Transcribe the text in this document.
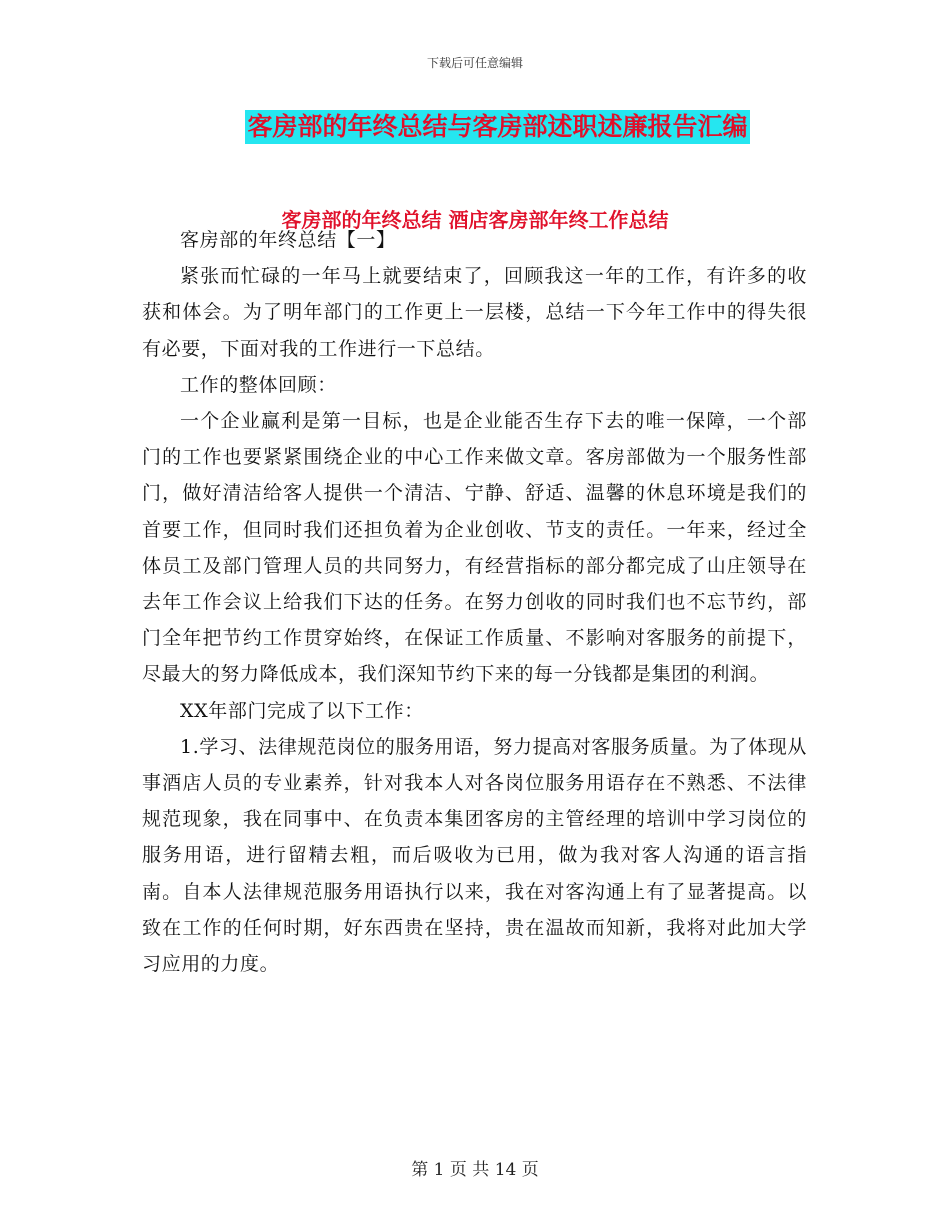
下载后可任意编辑
客房部的年终总结与客房部述职述廉报告汇编
客房部的年终总结 酒店客房部年终工作总结

客房部的年终总结【一】

紧张而忙碌的一年马上就要结束了，回顾我这一年的工作，有许多的收获和体会。为了明年部门的工作更上一层楼，总结一下今年工作中的得失很有必要，下面对我的工作进行一下总结。

工作的整体回顾：

一个企业赢利是第一目标，也是企业能否生存下去的唯一保障，一个部门的工作也要紧紧围绕企业的中心工作来做文章。客房部做为一个服务性部门，做好清洁给客人提供一个清洁、宁静、舒适、温馨的休息环境是我们的首要工作，但同时我们还担负着为企业创收、节支的责任。一年来，经过全体员工及部门管理人员的共同努力，有经营指标的部分都完成了山庄领导在去年工作会议上给我们下达的任务。在努力创收的同时我们也不忘节约，部门全年把节约工作贯穿始终，在保证工作质量、不影响对客服务的前提下，尽最大的努力降低成本，我们深知节约下来的每一分钱都是集团的利润。

XX年部门完成了以下工作：

1.学习、法律规范岗位的服务用语，努力提高对客服务质量。为了体现从事酒店人员的专业素养，针对我本人对各岗位服务用语存在不熟悉、不法律规范现象，我在同事中、在负责本集团客房的主管经理的培训中学习岗位的服务用语，进行留精去粗，而后吸收为已用，做为我对客人沟通的语言指南。自本人法律规范服务用语执行以来，我在对客沟通上有了显著提高。以致在工作的任何时期，好东西贵在坚持，贵在温故而知新，我将对此加大学习应用的力度。

第 1 页 共 14 页
